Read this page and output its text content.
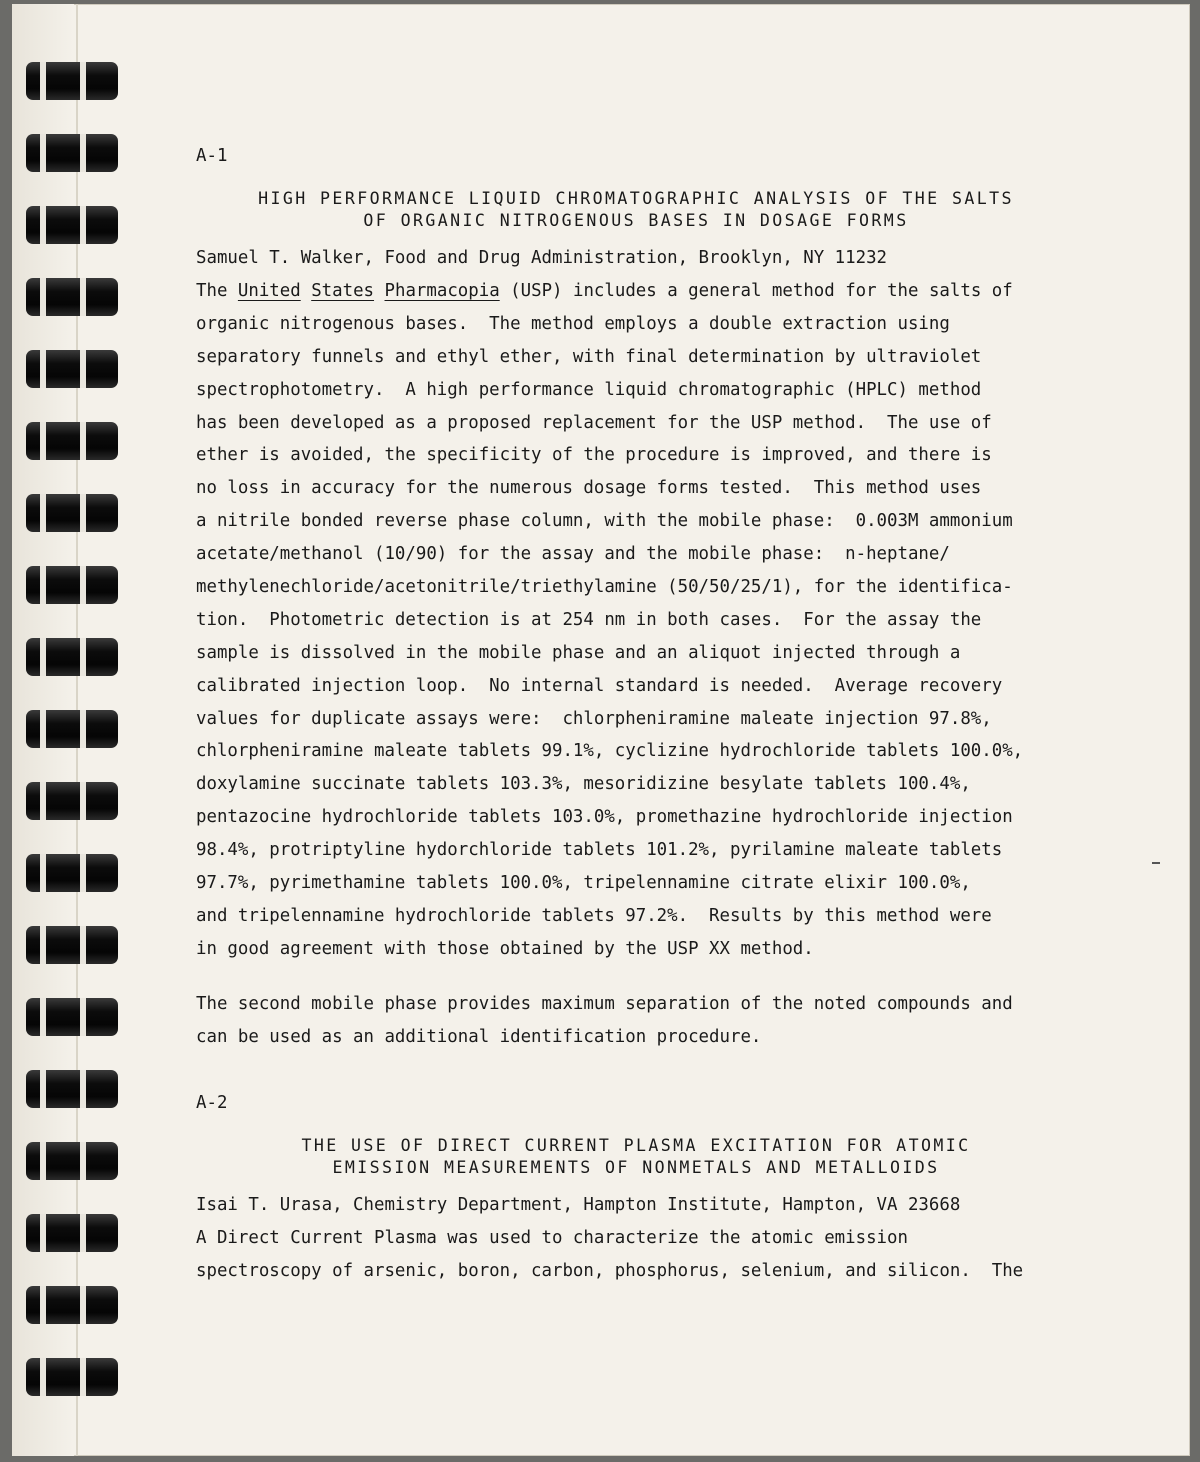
A-1
HIGH PERFORMANCE LIQUID CHROMATOGRAPHIC ANALYSIS OF THE SALTS
OF ORGANIC NITROGENOUS BASES IN DOSAGE FORMS
Samuel T. Walker, Food and Drug Administration, Brooklyn, NY 11232
The United States Pharmacopia (USP) includes a general method for the salts of
organic nitrogenous bases.  The method employs a double extraction using
separatory funnels and ethyl ether, with final determination by ultraviolet
spectrophotometry.  A high performance liquid chromatographic (HPLC) method
has been developed as a proposed replacement for the USP method.  The use of
ether is avoided, the specificity of the procedure is improved, and there is
no loss in accuracy for the numerous dosage forms tested.  This method uses
a nitrile bonded reverse phase column, with the mobile phase:  0.003M ammonium
acetate/methanol (10/90) for the assay and the mobile phase:  n-heptane/
methylenechloride/acetonitrile/triethylamine (50/50/25/1), for the identifica-
tion.  Photometric detection is at 254 nm in both cases.  For the assay the
sample is dissolved in the mobile phase and an aliquot injected through a
calibrated injection loop.  No internal standard is needed.  Average recovery
values for duplicate assays were:  chlorpheniramine maleate injection 97.8%,
chlorpheniramine maleate tablets 99.1%, cyclizine hydrochloride tablets 100.0%,
doxylamine succinate tablets 103.3%, mesoridizine besylate tablets 100.4%,
pentazocine hydrochloride tablets 103.0%, promethazine hydrochloride injection
98.4%, protriptyline hydorchloride tablets 101.2%, pyrilamine maleate tablets
97.7%, pyrimethamine tablets 100.0%, tripelennamine citrate elixir 100.0%,
and tripelennamine hydrochloride tablets 97.2%.  Results by this method were
in good agreement with those obtained by the USP XX method.
The second mobile phase provides maximum separation of the noted compounds and
can be used as an additional identification procedure.
A-2
THE USE OF DIRECT CURRENT PLASMA EXCITATION FOR ATOMIC
EMISSION MEASUREMENTS OF NONMETALS AND METALLOIDS
Isai T. Urasa, Chemistry Department, Hampton Institute, Hampton, VA 23668
A Direct Current Plasma was used to characterize the atomic emission
spectroscopy of arsenic, boron, carbon, phosphorus, selenium, and silicon.  The
